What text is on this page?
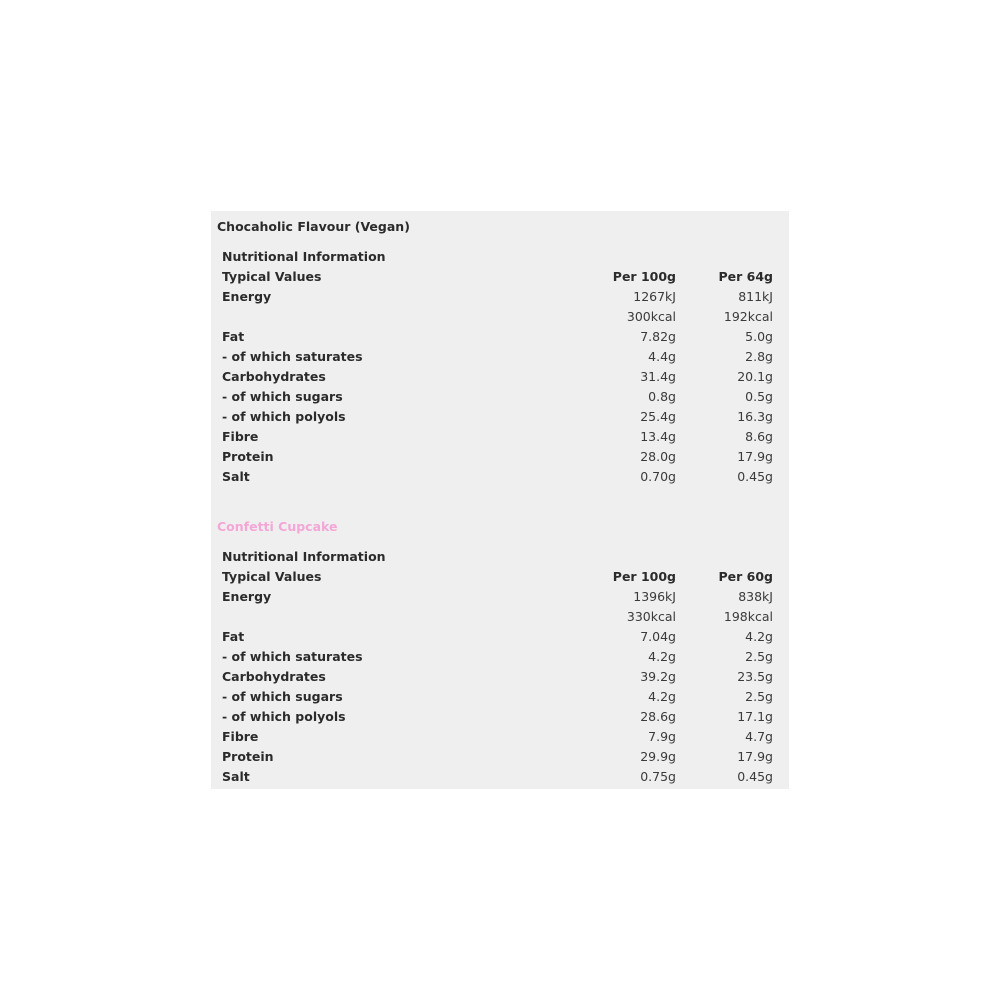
Chocaholic Flavour (Vegan)
Nutritional Information
Typical Values	Per 100g	Per 64g
Energy	1267kJ	811kJ
300kcal	192kcal
Fat	7.82g	5.0g
- of which saturates	4.4g	2.8g
Carbohydrates	31.4g	20.1g
- of which sugars	0.8g	0.5g
- of which polyols	25.4g	16.3g
Fibre	13.4g	8.6g
Protein	28.0g	17.9g
Salt	0.70g	0.45g
Confetti Cupcake
Nutritional Information
Typical Values	Per 100g	Per 60g
Energy	1396kJ	838kJ
330kcal	198kcal
Fat	7.04g	4.2g
- of which saturates	4.2g	2.5g
Carbohydrates	39.2g	23.5g
- of which sugars	4.2g	2.5g
- of which polyols	28.6g	17.1g
Fibre	7.9g	4.7g
Protein	29.9g	17.9g
Salt	0.75g	0.45g
